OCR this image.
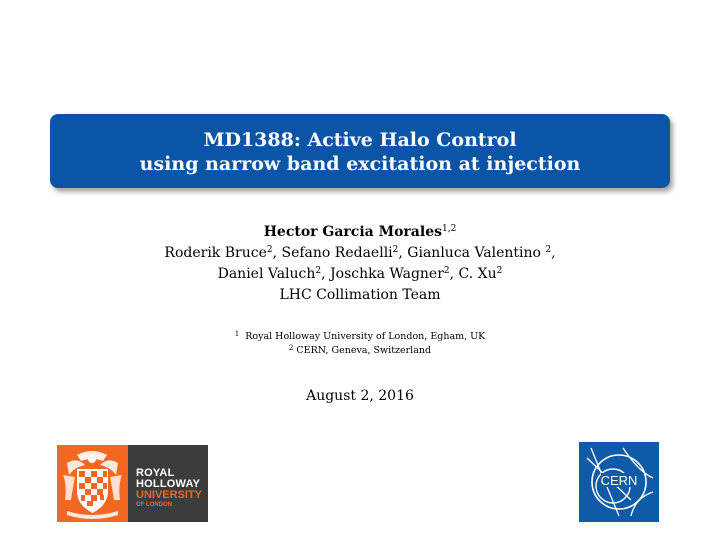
MD1388: Active Halo Control
using narrow band excitation at injection
Hector Garcia Morales$^{1,2}$
Roderik Bruce$^2$, Sefano Redaelli$^2$, Gianluca Valentino $^2$,
Daniel Valuch$^2$, Joschka Wagner$^2$, C. Xu$^2$
LHC Collimation Team
$^1$ Royal Holloway University of London, Egham, UK
$^2$ CERN, Geneva, Switzerland
August 2, 2016
ROYAL
HOLLOWAY
UNIVERSITY
OF LONDON
CERN
